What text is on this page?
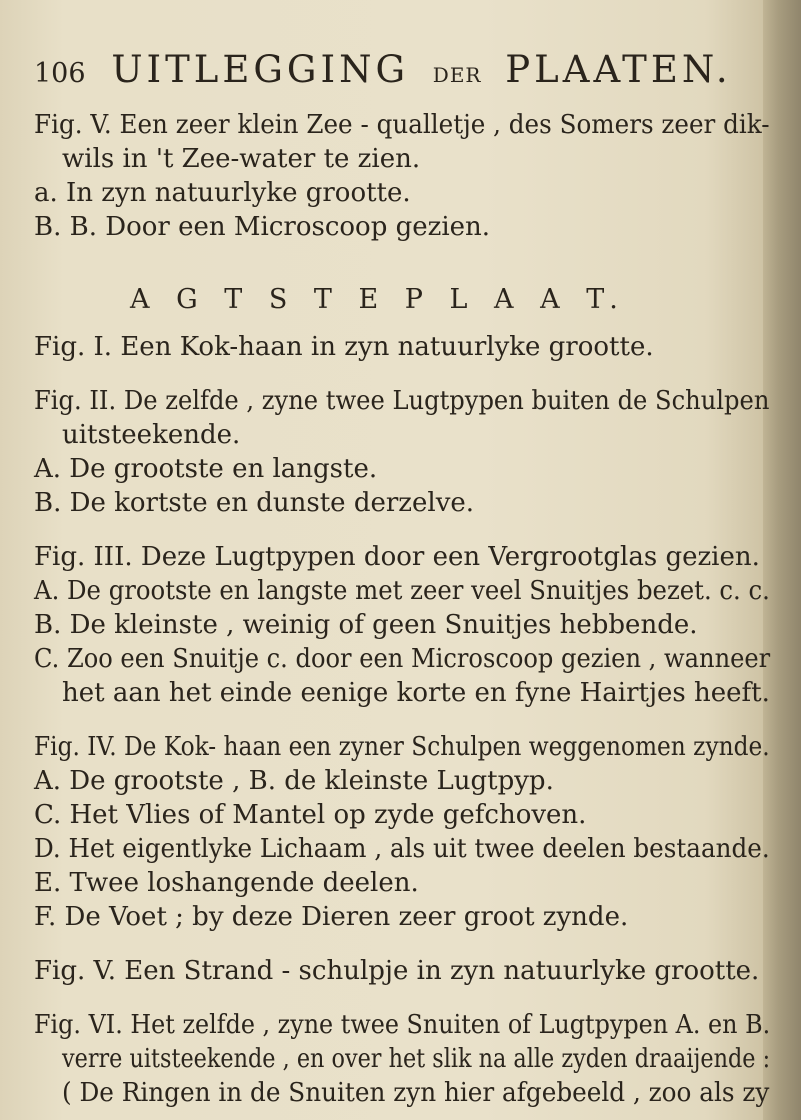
106 UITLEGGING DER PLAATEN.
Fig. V. Een zeer klein Zee - qualletje , des Somers zeer dik-
wils in 't Zee-water te zien.
a. In zyn natuurlyke grootte.
B. B. Door een Microscoop gezien.
A G T S T E P L A A T.
Fig. I. Een Kok-haan in zyn natuurlyke grootte.
Fig. II. De zelfde , zyne twee Lugtpypen buiten de Schulpen
uitsteekende.
A. De grootste en langste.
B. De kortste en dunste derzelve.
Fig. III. Deze Lugtpypen door een Vergrootglas gezien.
A. De grootste en langste met zeer veel Snuitjes bezet. c. c.
B. De kleinste , weinig of geen Snuitjes hebbende.
C. Zoo een Snuitje c. door een Microscoop gezien , wanneer
het aan het einde eenige korte en fyne Hairtjes heeft.
Fig. IV. De Kok- haan een zyner Schulpen weggenomen zynde.
A. De grootste , B. de kleinste Lugtpyp.
C. Het Vlies of Mantel op zyde gefchoven.
D. Het eigentlyke Lichaam , als uit twee deelen bestaande.
E. Twee loshangende deelen.
F. De Voet ; by deze Dieren zeer groot zynde.
Fig. V. Een Strand - schulpje in zyn natuurlyke grootte.
Fig. VI. Het zelfde , zyne twee Snuiten of Lugtpypen A. en B.
verre uitsteekende , en over het slik na alle zyden draaijende :
( De Ringen in de Snuiten zyn hier afgebeeld , zoo als zy
